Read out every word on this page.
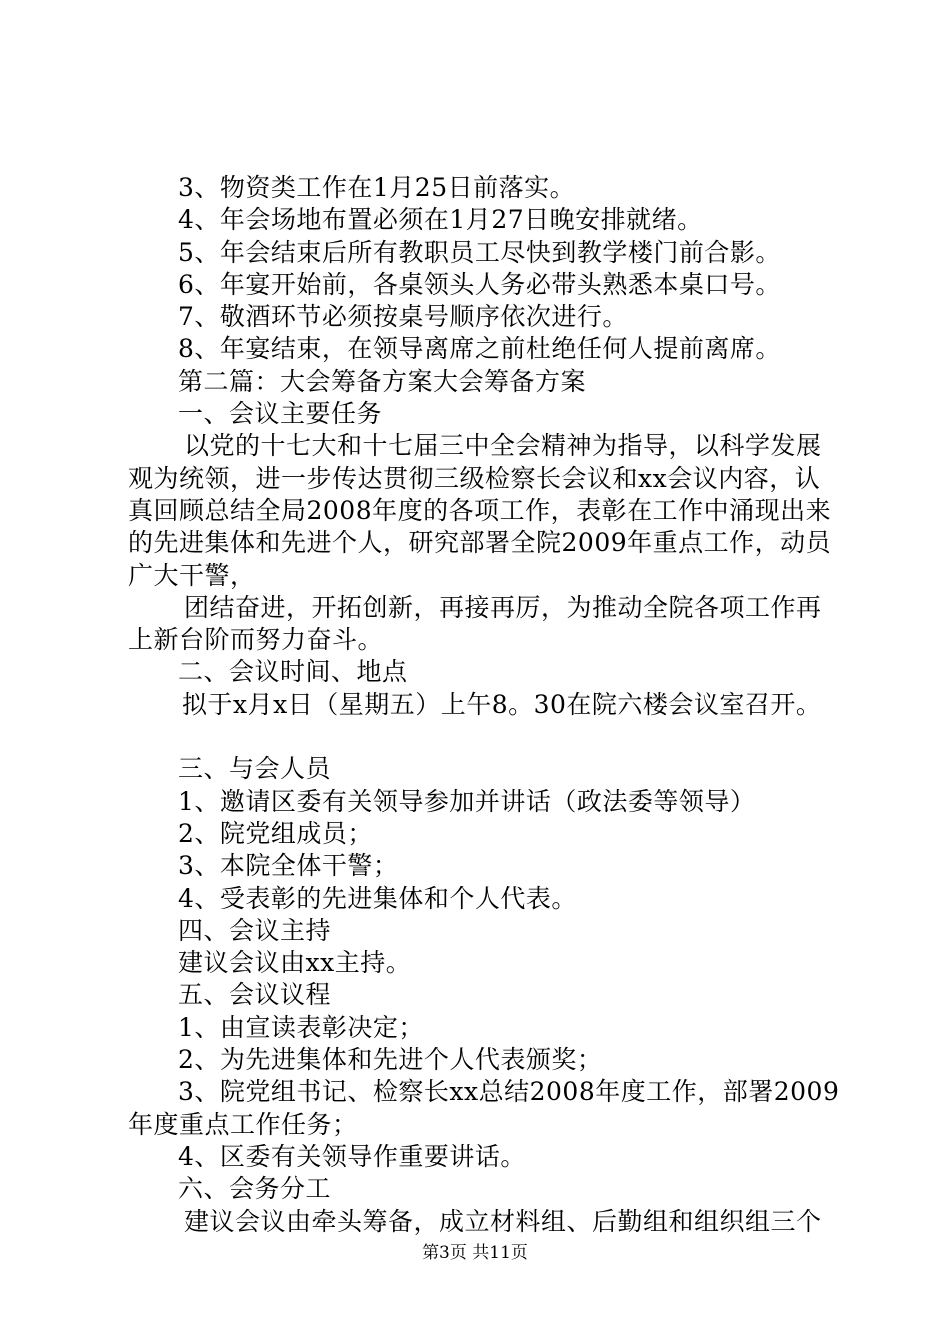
3、物资类工作在1月25日前落实。
4、年会场地布置必须在1月27日晚安排就绪。
5、年会结束后所有教职员工尽快到教学楼门前合影。
6、年宴开始前，各桌领头人务必带头熟悉本桌口号。
7、敬酒环节必须按桌号顺序依次进行。
8、年宴结束，在领导离席之前杜绝任何人提前离席。
第二篇：大会筹备方案大会筹备方案
一、会议主要任务
以党的十七大和十七届三中全会精神为指导，以科学发展
观为统领，进一步传达贯彻三级检察长会议和xx会议内容，认
真回顾总结全局2008年度的各项工作，表彰在工作中涌现出来
的先进集体和先进个人，研究部署全院2009年重点工作，动员
广大干警，
团结奋进，开拓创新，再接再厉，为推动全院各项工作再
上新台阶而努力奋斗。
二、会议时间、地点
拟于x月x日（星期五）上午8。30在院六楼会议室召开。
三、与会人员
1、邀请区委有关领导参加并讲话（政法委等领导）
2、院党组成员；
3、本院全体干警；
4、受表彰的先进集体和个人代表。
四、会议主持
建议会议由xx主持。
五、会议议程
1、由宣读表彰决定；
2、为先进集体和先进个人代表颁奖；
3、院党组书记、检察长xx总结2008年度工作，部署2009
年度重点工作任务；
4、区委有关领导作重要讲话。
六、会务分工
建议会议由牵头筹备，成立材料组、后勤组和组织组三个
第3页 共11页
